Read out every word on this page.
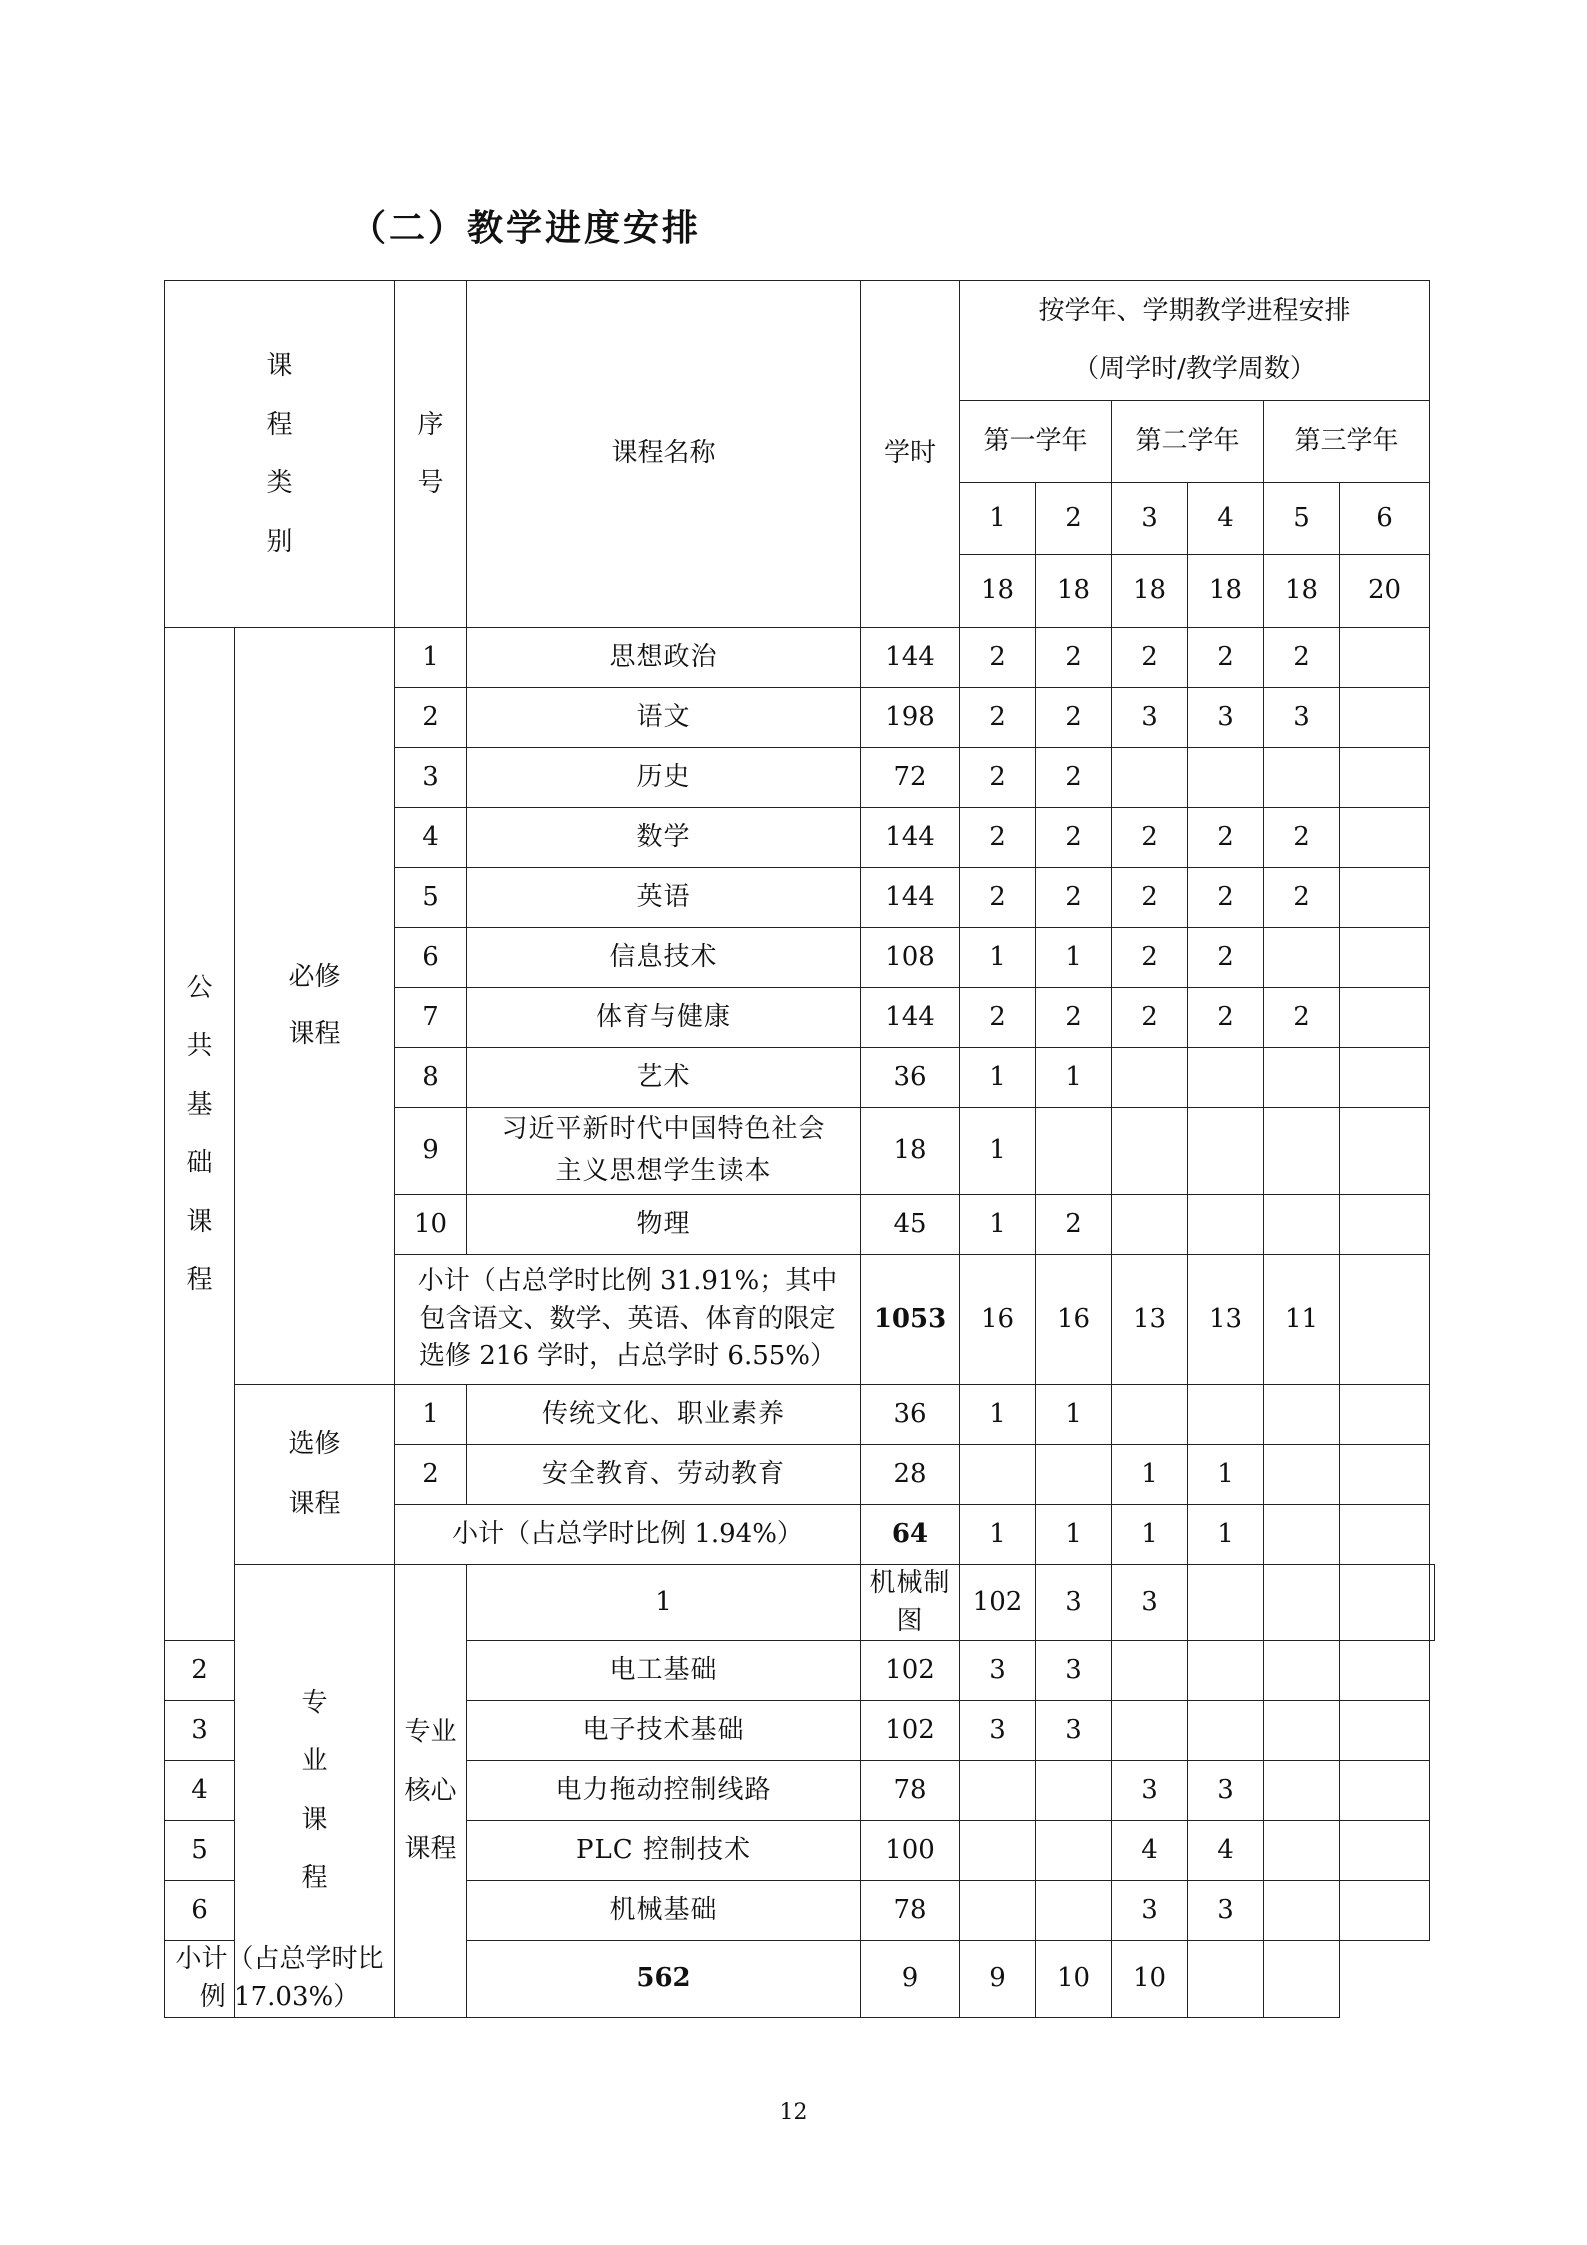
（二）教学进度安排
课程类别		序号	课程名称	学时	按学年、学期教学进程安排
（周学时/教学周数）						

					第一学年		第二学年		第三学年		
					1	2	3	4	5	6	
					18	18	18	18	18	20	
公共基础课程	必修课程	1	思想政治	144	2	2	2	2	2		
		2	语文	198	2	2	3	3	3		
		3	历史	72	2	2					
		4	数学	144	2	2	2	2	2		
		5	英语	144	2	2	2	2	2		
		6	信息技术	108	1	1	2	2			
		7	体育与健康	144	2	2	2	2	2		
		8	艺术	36	1	1					
		9	习近平新时代中国特色社会主义思想学生读本	18	1						
		10	物理	45	1	2					
		小计（占总学时比例 31.91%；其中包含语文、数学、英语、体育的限定选修 216 学时，占总学时 6.55%）		1053	16	16	13	13	11		
	选修课程	1	传统文化、职业素养	36	1	1					
		2	安全教育、劳动教育	28			1	1			
		小计（占总学时比例 1.94%）		64	1	1	1	1			
	专业课程	专业核心课程	1	机械制图	102	3	3				
2			电工基础	102	3	3					
3			电子技术基础	102	3	3					
4			电力拖动控制线路	78			3	3			
5			PLC 控制技术	100			4	4			
6			机械基础	78			3	3			
小计（占总学时比例 17.03%）			562	9	9	10	10				
12
